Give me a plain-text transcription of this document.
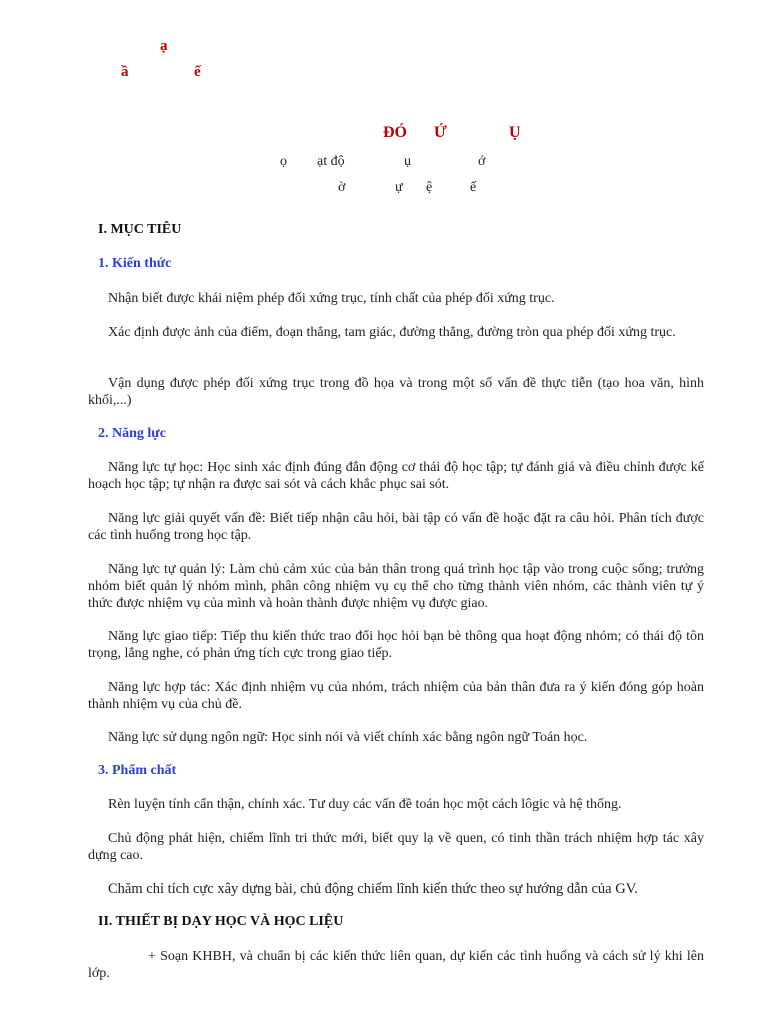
ạ
ầ	ế
ĐÓ Ứ	Ụ
ọ ạt độ	ụ	ớ
ờ	ự ệ	ế
I. MỤC TIÊU
1. Kiến thức
Nhận biết được khái niệm phép đối xứng trục, tính chất của phép đối xứng trục.
Xác định được ảnh của điểm, đoạn thẳng, tam giác, đường thẳng, đường tròn qua phép đối xứng trục.
Vận dụng được phép đối xứng trục trong đồ họa và trong một số vấn đề thực tiễn (tạo hoa văn, hình khối,...)
2. Năng lực
Năng lực tự học: Học sinh xác định đúng đắn động cơ thái độ học tập; tự đánh giá và điều chỉnh được kế hoạch học tập; tự nhận ra được sai sót và cách khắc phục sai sót.
Năng lực giải quyết vấn đề: Biết tiếp nhận câu hỏi, bài tập có vấn đề hoặc đặt ra câu hỏi. Phân tích được các tình huống trong học tập.
Năng lực tự quản lý: Làm chủ cảm xúc của bản thân trong quá trình học tập vào trong cuộc sống; trưởng nhóm biết quản lý nhóm mình, phân công nhiệm vụ cụ thể cho từng thành viên nhóm, các thành viên tự ý thức được nhiệm vụ của mình và hoàn thành được nhiệm vụ được giao.
Năng lực giao tiếp: Tiếp thu kiến thức trao đổi học hỏi bạn bè thông qua hoạt động nhóm; có thái độ tôn trọng, lắng nghe, có phản ứng tích cực trong giao tiếp.
Năng lực hợp tác: Xác định nhiệm vụ của nhóm, trách nhiệm của bản thân đưa ra ý kiến đóng góp hoàn thành nhiệm vụ của chủ đề.
Năng lực sử dụng ngôn ngữ: Học sinh nói và viết chính xác bằng ngôn ngữ Toán học.
3. Phẩm chất
Rèn luyện tính cẩn thận, chính xác. Tư duy các vấn đề toán học một cách lôgic và hệ thống.
Chủ động phát hiện, chiếm lĩnh tri thức mới, biết quy lạ về quen, có tinh thần trách nhiệm hợp tác xây dựng cao.
Chăm chỉ tích cực xây dựng bài, chủ động chiếm lĩnh kiến thức theo sự hướng dẫn của GV.
II. THIẾT BỊ DẠY HỌC VÀ HỌC LIỆU
+ Soạn KHBH, và chuẩn bị các kiến thức liên quan, dự kiến các tình huống và cách sử lý khi lên lớp.
